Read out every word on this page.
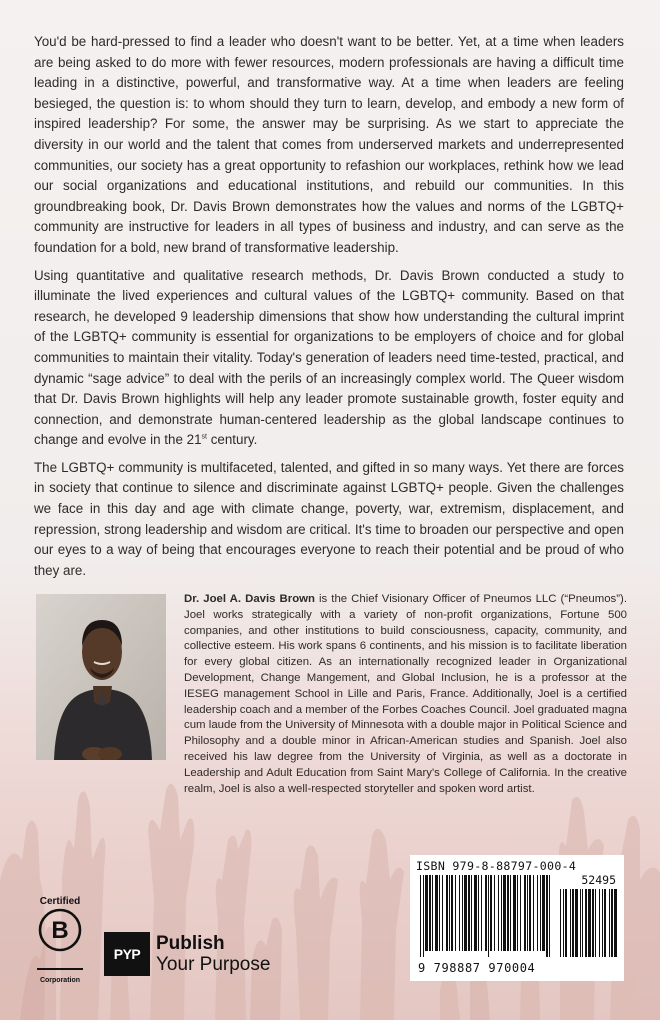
You'd be hard-pressed to find a leader who doesn't want to be better. Yet, at a time when leaders are being asked to do more with fewer resources, modern professionals are having a difficult time leading in a distinctive, powerful, and transformative way. At a time when leaders are feeling besieged, the question is: to whom should they turn to learn, develop, and embody a new form of inspired leadership? For some, the answer may be surprising. As we start to appreciate the diversity in our world and the talent that comes from underserved markets and underrepresented communities, our society has a great opportunity to refashion our workplaces, rethink how we lead our social organizations and educational institutions, and rebuild our communities. In this groundbreaking book, Dr. Davis Brown demonstrates how the values and norms of the LGBTQ+ community are instructive for leaders in all types of business and industry, and can serve as the foundation for a bold, new brand of transformative leadership.

Using quantitative and qualitative research methods, Dr. Davis Brown conducted a study to illuminate the lived experiences and cultural values of the LGBTQ+ community. Based on that research, he developed 9 leadership dimensions that show how understanding the cultural imprint of the LGBTQ+ community is essential for organizations to be employers of choice and for global communities to maintain their vitality. Today's generation of leaders need time-tested, practical, and dynamic “sage advice” to deal with the perils of an increasingly complex world. The Queer wisdom that Dr. Davis Brown highlights will help any leader promote sustainable growth, foster equity and connection, and demonstrate human-centered leadership as the global landscape continues to change and evolve in the 21st century.

The LGBTQ+ community is multifaceted, talented, and gifted in so many ways. Yet there are forces in society that continue to silence and discriminate against LGBTQ+ people. Given the challenges we face in this day and age with climate change, poverty, war, extremism, displacement, and repression, strong leadership and wisdom are critical. It's time to broaden our perspective and open our eyes to a way of being that encourages everyone to reach their potential and be proud of who they are.

Dr. Joel A. Davis Brown is the Chief Visionary Officer of Pneumos LLC (“Pneumos”). Joel works strategically with a variety of non-profit organizations, Fortune 500 companies, and other institutions to build consciousness, capacity, community, and collective esteem. His work spans 6 continents, and his mission is to facilitate liberation for every global citizen. As an internationally recognized leader in Organizational Development, Change Mangement, and Global Inclusion, he is a professor at the IESEG management School in Lille and Paris, France. Additionally, Joel is a certified leadership coach and a member of the Forbes Coaches Council. Joel graduated magna cum laude from the University of Minnesota with a double major in Political Science and Philosophy and a double minor in African-American studies and Spanish. Joel also received his law degree from the University of Virginia, as well as a doctorate in Leadership and Adult Education from Saint Mary's College of California. In the creative realm, Joel is also a well-respected storyteller and spoken word artist.

Certified
B

Corporation
PYP Publish
Your Purpose
ISBN 979-8-88797-000-4
52495
9 798887 970004
